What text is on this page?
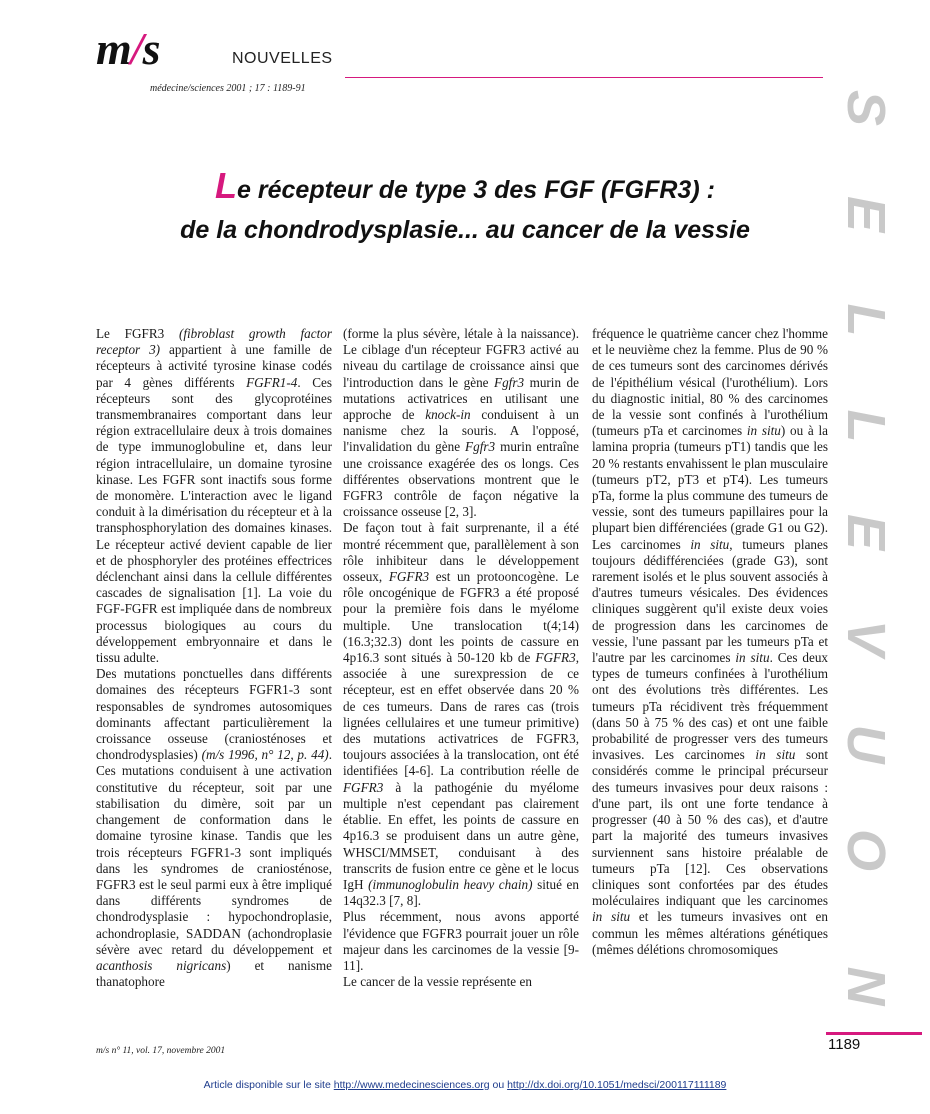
m/s	NOUVELLES
médecine/sciences 2001 ; 17 : 1189-91
S
E
L
L
E
V
U
O
N
Le récepteur de type 3 des FGF (FGFR3) :
de la chondrodysplasie... au cancer de la vessie

Le FGFR3 (fibroblast growth factor receptor 3) appartient à une famille de récepteurs à activité tyrosine kinase codés par 4 gènes différents FGFR1-4. Ces récepteurs sont des glycoprotéines transmembranaires comportant dans leur région extracellulaire deux à trois domaines de type immunoglobuline et, dans leur région intracellulaire, un domaine tyrosine kinase. Les FGFR sont inactifs sous forme de monomère. L'interaction avec le ligand conduit à la dimérisation du récepteur et à la transphosphorylation des domaines kinases. Le récepteur activé devient capable de lier et de phosphoryler des protéines effectrices déclenchant ainsi dans la cellule différentes cascades de signalisation [1]. La voie du FGF-FGFR est impliquée dans de nombreux processus biologiques au cours du développement embryonnaire et dans le tissu adulte.

Des mutations ponctuelles dans différents domaines des récepteurs FGFR1-3 sont responsables de syndromes autosomiques dominants affectant particulièrement la croissance osseuse (craniosténoses et chondrodysplasies) (m/s 1996, n° 12, p. 44). Ces mutations conduisent à une activation constitutive du récepteur, soit par une stabilisation du dimère, soit par un changement de conformation dans le domaine tyrosine kinase. Tandis que les trois récepteurs FGFR1-3 sont impliqués dans les syndromes de craniosténose, FGFR3 est le seul parmi eux à être impliqué dans différents syndromes de chondrodysplasie : hypochondroplasie, achondroplasie, SADDAN (achondroplasie sévère avec retard du développement et acanthosis nigricans) et nanisme thanatophore

(forme la plus sévère, létale à la naissance). Le ciblage d'un récepteur FGFR3 activé au niveau du cartilage de croissance ainsi que l'introduction dans le gène Fgfr3 murin de mutations activatrices en utilisant une approche de knock-in conduisent à un nanisme chez la souris. A l'opposé, l'invalidation du gène Fgfr3 murin entraîne une croissance exagérée des os longs. Ces différentes observations montrent que le FGFR3 contrôle de façon négative la croissance osseuse [2, 3].

De façon tout à fait surprenante, il a été montré récemment que, parallèlement à son rôle inhibiteur dans le développement osseux, FGFR3 est un protooncogène. Le rôle oncogénique de FGFR3 a été proposé pour la première fois dans le myélome multiple. Une translocation t(4;14)(16.3;32.3) dont les points de cassure en 4p16.3 sont situés à 50-120 kb de FGFR3, associée à une surexpression de ce récepteur, est en effet observée dans 20 % de ces tumeurs. Dans de rares cas (trois lignées cellulaires et une tumeur primitive) des mutations activatrices de FGFR3, toujours associées à la translocation, ont été identifiées [4-6]. La contribution réelle de FGFR3 à la pathogénie du myélome multiple n'est cependant pas clairement établie. En effet, les points de cassure en 4p16.3 se produisent dans un autre gène, WHSCI/MMSET, conduisant à des transcrits de fusion entre ce gène et le locus IgH (immunoglobulin heavy chain) situé en 14q32.3 [7, 8].

Plus récemment, nous avons apporté l'évidence que FGFR3 pourrait jouer un rôle majeur dans les carcinomes de la vessie [9-11].

Le cancer de la vessie représente en

fréquence le quatrième cancer chez l'homme et le neuvième chez la femme. Plus de 90 % de ces tumeurs sont des carcinomes dérivés de l'épithélium vésical (l'urothélium). Lors du diagnostic initial, 80 % des carcinomes de la vessie sont confinés à l'urothélium (tumeurs pTa et carcinomes in situ) ou à la lamina propria (tumeurs pT1) tandis que les 20 % restants envahissent le plan musculaire (tumeurs pT2, pT3 et pT4). Les tumeurs pTa, forme la plus commune des tumeurs de vessie, sont des tumeurs papillaires pour la plupart bien différenciées (grade G1 ou G2). Les carcinomes in situ, tumeurs planes toujours dédifférenciées (grade G3), sont rarement isolés et le plus souvent associés à d'autres tumeurs vésicales. Des évidences cliniques suggèrent qu'il existe deux voies de progression dans les carcinomes de vessie, l'une passant par les tumeurs pTa et l'autre par les carcinomes in situ. Ces deux types de tumeurs confinées à l'urothélium ont des évolutions très différentes. Les tumeurs pTa récidivent très fréquemment (dans 50 à 75 % des cas) et ont une faible probabilité de progresser vers des tumeurs invasives. Les carcinomes in situ sont considérés comme le principal précurseur des tumeurs invasives pour deux raisons : d'une part, ils ont une forte tendance à progresser (40 à 50 % des cas), et d'autre part la majorité des tumeurs invasives surviennent sans histoire préalable de tumeurs pTa [12]. Ces observations cliniques sont confortées par des études moléculaires indiquant que les carcinomes in situ et les tumeurs invasives ont en commun les mêmes altérations génétiques (mêmes délétions chromosomiques

1189
m/s n° 11, vol. 17, novembre 2001
Article disponible sur le site http://www.medecinesciences.org ou http://dx.doi.org/10.1051/medsci/200117111189
